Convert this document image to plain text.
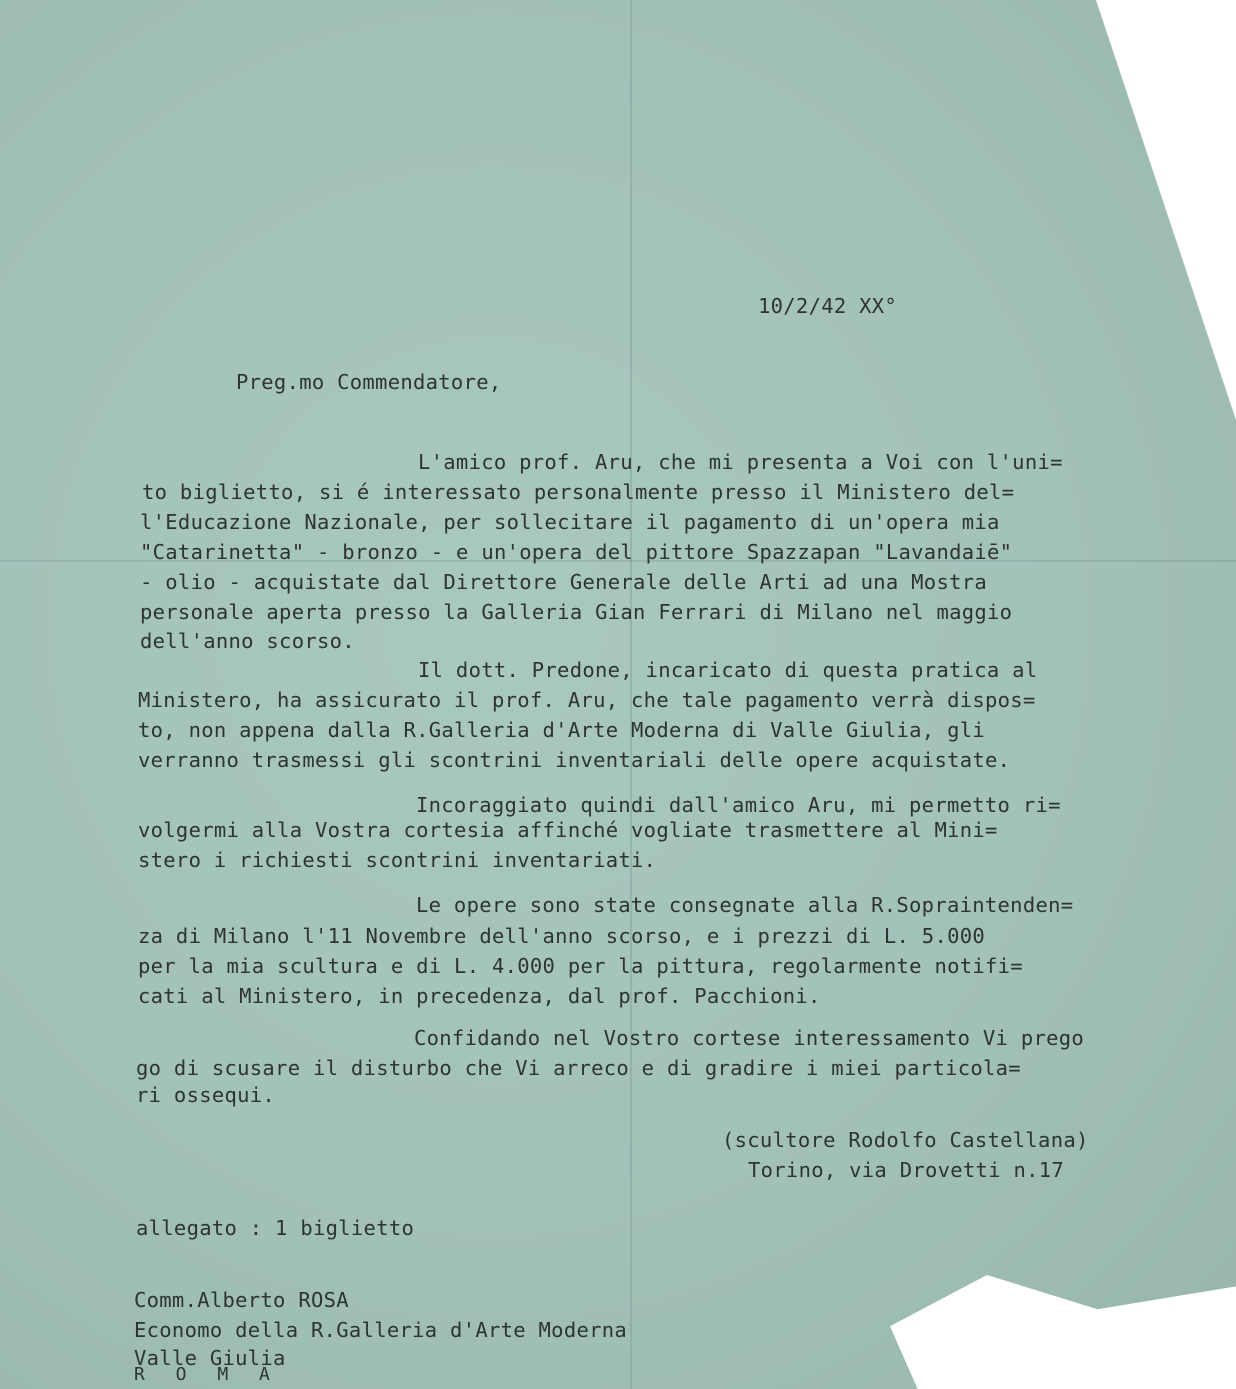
10/2/42 XX°
Preg.mo Commendatore,
L'amico prof. Aru, che mi presenta a Voi con l'uni=
to biglietto, si é interessato personalmente presso il Ministero del=
l'Educazione Nazionale, per sollecitare il pagamento di un'opera mia
"Catarinetta" - bronzo - e un'opera del pittore Spazzapan "Lavandaiē"
- olio - acquistate dal Direttore Generale delle Arti ad una Mostra
personale aperta presso la Galleria Gian Ferrari di Milano nel maggio
dell'anno scorso.
Il dott. Predone, incaricato di questa pratica al
Ministero, ha assicurato il prof. Aru, che tale pagamento verrà dispos=
to, non appena dalla R.Galleria d'Arte Moderna di Valle Giulia, gli
verranno trasmessi gli scontrini inventariali delle opere acquistate.
Incoraggiato quindi dall'amico Aru, mi permetto ri=
volgermi alla Vostra cortesia affinché vogliate trasmettere al Mini=
stero i richiesti scontrini inventariati.
Le opere sono state consegnate alla R.Sopraintenden=
za di Milano l'11 Novembre dell'anno scorso, e i prezzi di L. 5.000
per la mia scultura e di L. 4.000 per la pittura, regolarmente notifi=
cati al Ministero, in precedenza, dal prof. Pacchioni.
Confidando nel Vostro cortese interessamento Vi prego
go di scusare il disturbo che Vi arreco e di gradire i miei particola=
ri ossequi.
(scultore Rodolfo Castellana)
Torino, via Drovetti n.17
allegato : 1 biglietto
Comm.Alberto ROSA
Economo della R.Galleria d'Arte Moderna
Valle Giulia
R O M A
